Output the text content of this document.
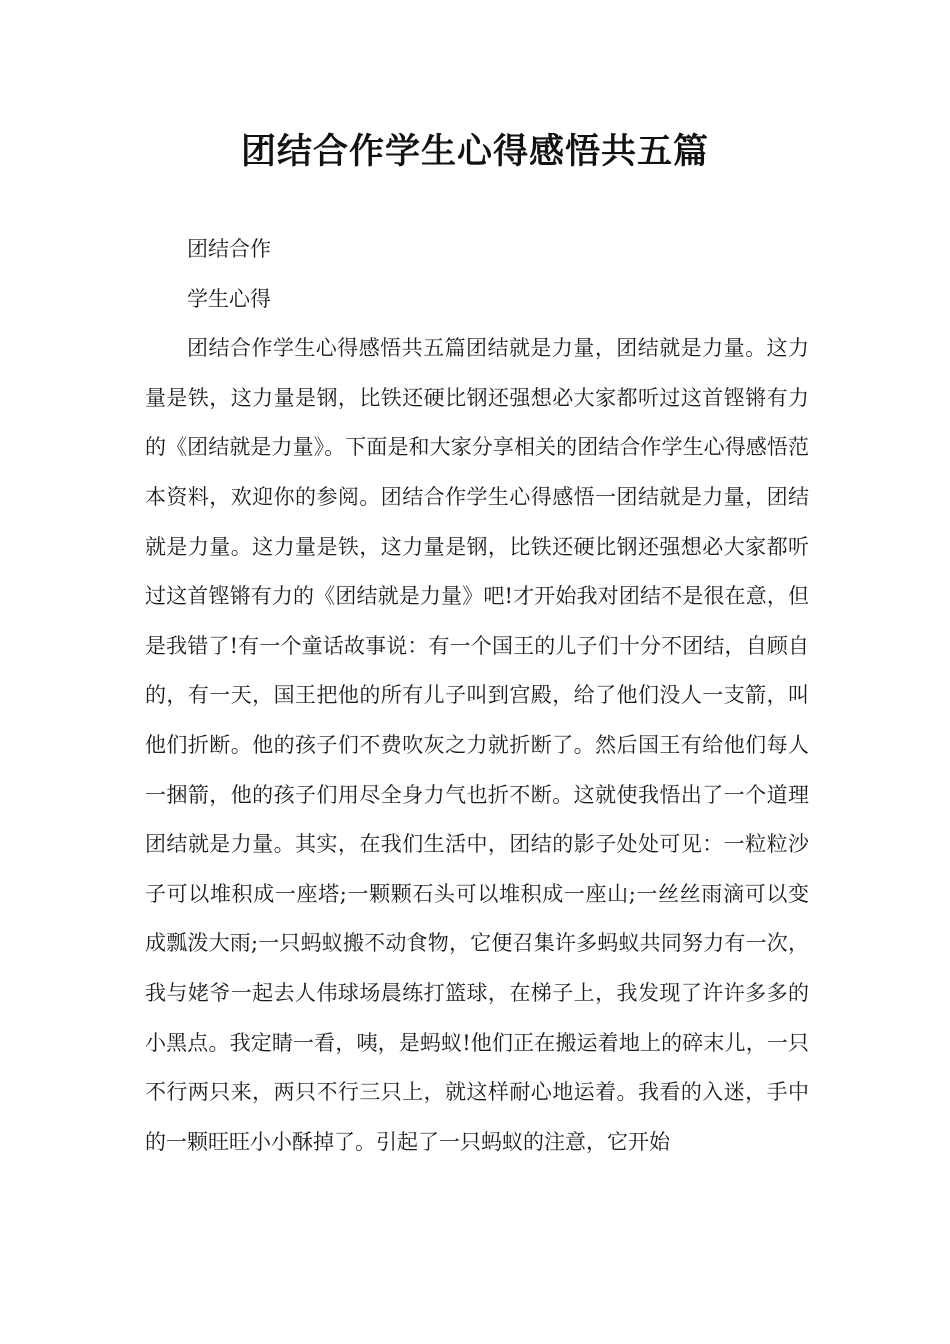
团结合作学生心得感悟共五篇

团结合作

学生心得

团结合作学生心得感悟共五篇团结就是力量，团结就是力量。这力量是铁，这力量是钢，比铁还硬比钢还强想必大家都听过这首铿锵有力的《团结就是力量》。下面是和大家分享相关的团结合作学生心得感悟范本资料，欢迎你的参阅。团结合作学生心得感悟一团结就是力量，团结就是力量。这力量是铁，这力量是钢，比铁还硬比钢还强想必大家都听过这首铿锵有力的《团结就是力量》吧!才开始我对团结不是很在意，但是我错了!有一个童话故事说：有一个国王的儿子们十分不团结，自顾自的，有一天，国王把他的所有儿子叫到宫殿，给了他们没人一支箭，叫他们折断。他的孩子们不费吹灰之力就折断了。然后国王有给他们每人一捆箭，他的孩子们用尽全身力气也折不断。这就使我悟出了一个道理团结就是力量。其实，在我们生活中，团结的影子处处可见：一粒粒沙子可以堆积成一座塔;一颗颗石头可以堆积成一座山;一丝丝雨滴可以变成瓢泼大雨;一只蚂蚁搬不动食物，它便召集许多蚂蚁共同努力有一次，我与姥爷一起去人伟球场晨练打篮球，在梯子上，我发现了许许多多的小黑点。我定睛一看，咦，是蚂蚁!他们正在搬运着地上的碎末儿，一只不行两只来，两只不行三只上，就这样耐心地运着。我看的入迷，手中的一颗旺旺小小酥掉了。引起了一只蚂蚁的注意，它开始
